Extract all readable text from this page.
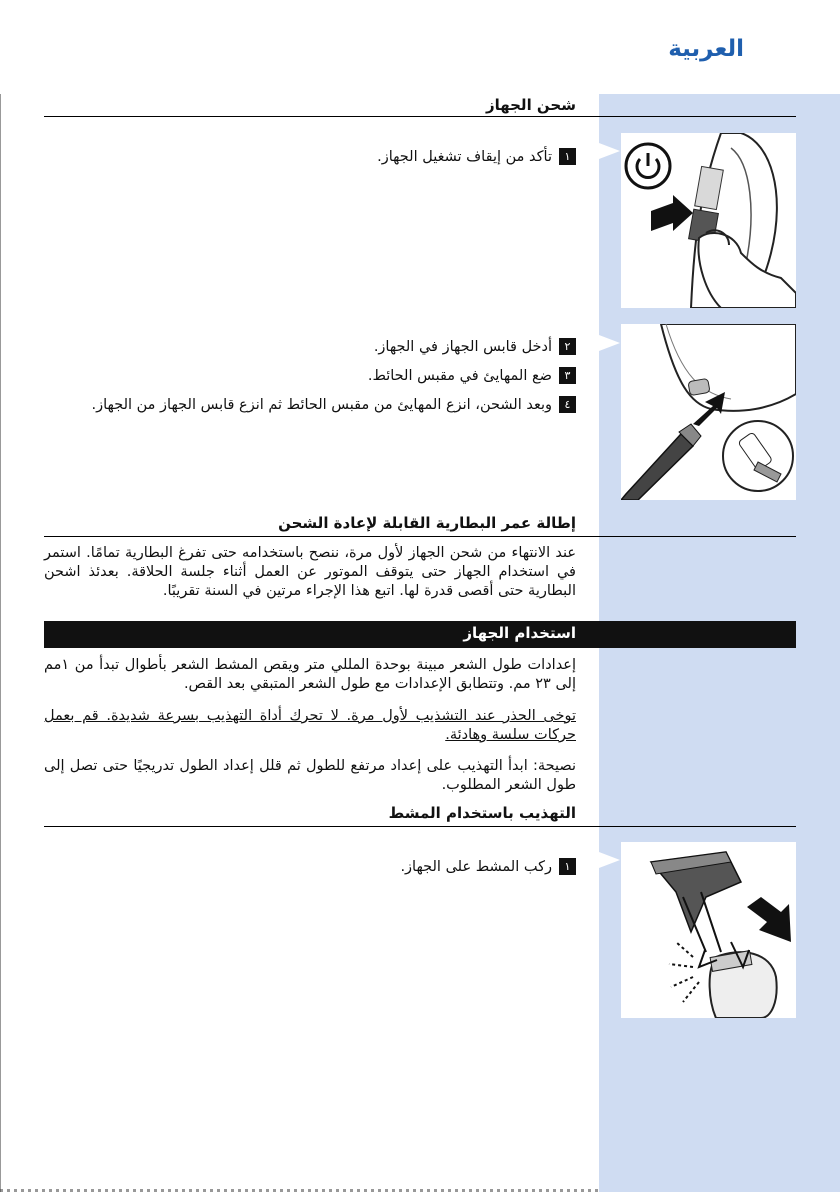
العربية
شحن الجهاز
١
تأكد من إيقاف تشغيل الجهاز.
٢
أدخل قابس الجهاز في الجهاز.
٣
ضع المهايئ في مقبس الحائط.
٤
وبعد الشحن، انزع المهايئ من مقبس الحائط ثم انزع قابس الجهاز من الجهاز.
إطالة عمر البطارية القابلة لإعادة الشحن
عند الانتهاء من شحن الجهاز لأول مرة، ننصح باستخدامه حتى تفرغ البطارية تمامًا. استمر في استخدام الجهاز حتى يتوقف الموتور عن العمل أثناء جلسة الحلاقة. بعدئذ اشحن البطارية حتى أقصى قدرة لها. اتبع هذا الإجراء مرتين في السنة تقريبًا.
استخدام الجهاز
إعدادات طول الشعر مبينة بوحدة المللي متر ويقص المشط الشعر بأطوال تبدأ من ١مم إلى ٢٣ مم. وتتطابق الإعدادات مع طول الشعر المتبقي بعد القص.
توخى الحذر عند التشذيب لأول مرة. لا تحرك أداة التهذيب بسرعة شديدة. قم بعمل حركات سلسة وهادئة.
نصيحة: ابدأ التهذيب على إعداد مرتفع للطول ثم قلل إعداد الطول تدريجيًا حتى تصل إلى طول الشعر المطلوب.
التهذيب باستخدام المشط
١
ركب المشط على الجهاز.
